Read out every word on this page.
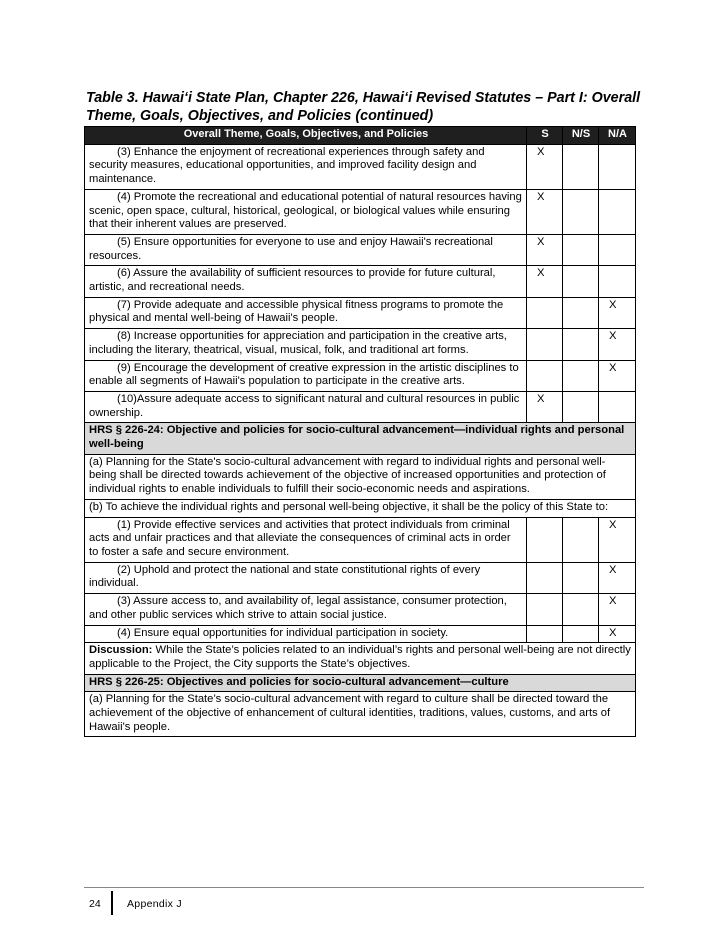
Table 3. Hawai‘i State Plan, Chapter 226, Hawai‘i Revised Statutes – Part I: Overall Theme, Goals, Objectives, and Policies (continued)
Overall Theme, Goals, Objectives, and Policies	S	N/S	N/A
(3) Enhance the enjoyment of recreational experiences through safety and security measures, educational opportunities, and improved facility design and maintenance.	X		
(4) Promote the recreational and educational potential of natural resources having scenic, open space, cultural, historical, geological, or biological values while ensuring that their inherent values are preserved.	X		
(5) Ensure opportunities for everyone to use and enjoy Hawaii's recreational resources.	X		
(6) Assure the availability of sufficient resources to provide for future cultural, artistic, and recreational needs.	X		
(7) Provide adequate and accessible physical fitness programs to promote the physical and mental well-being of Hawaii's people.			X
(8) Increase opportunities for appreciation and participation in the creative arts, including the literary, theatrical, visual, musical, folk, and traditional art forms.			X
(9) Encourage the development of creative expression in the artistic disciplines to enable all segments of Hawaii's population to participate in the creative arts.			X
(10)Assure adequate access to significant natural and cultural resources in public ownership.	X		
HRS § 226-24: Objective and policies for socio-cultural advancement—individual rights and personal well-being			
(a) Planning for the State's socio-cultural advancement with regard to individual rights and personal well-being shall be directed towards achievement of the objective of increased opportunities and protection of individual rights to enable individuals to fulfill their socio-economic needs and aspirations.			
(b) To achieve the individual rights and personal well-being objective, it shall be the policy of this State to:			
(1) Provide effective services and activities that protect individuals from criminal acts and unfair practices and that alleviate the consequences of criminal acts in order to foster a safe and secure environment.			X
(2) Uphold and protect the national and state constitutional rights of every individual.			X
(3) Assure access to, and availability of, legal assistance, consumer protection, and other public services which strive to attain social justice.			X
(4) Ensure equal opportunities for individual participation in society.			X
Discussion: While the State’s policies related to an individual’s rights and personal well-being are not directly applicable to the Project, the City supports the State’s objectives.			
HRS § 226-25: Objectives and policies for socio-cultural advancement—culture			
(a) Planning for the State’s socio-cultural advancement with regard to culture shall be directed toward the achievement of the objective of enhancement of cultural identities, traditions, values, customs, and arts of Hawaii's people.			
24	Appendix J
